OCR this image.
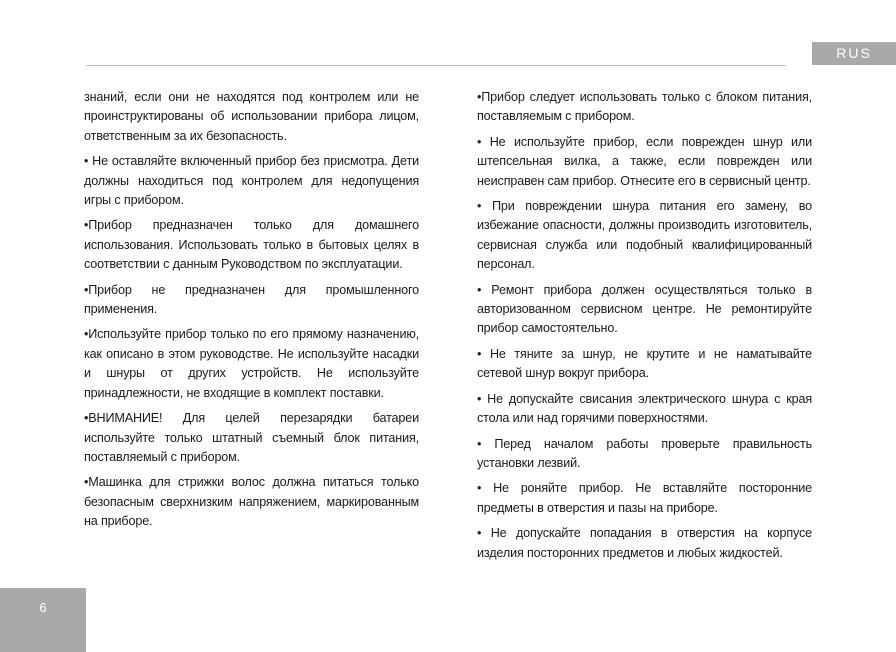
RUS

знаний, если они не находятся под контролем или не проинструктированы об использовании прибора лицом, ответственным за их безопасность.

• Не оставляйте включенный прибор без присмотра. Дети должны находиться под контролем для недопущения игры с прибором.

•Прибор предназначен только для домашнего использования. Использовать только в бытовых целях в соответствии с данным Руководством по эксплуатации.

•Прибор не предназначен для промышленного применения.

•Используйте прибор только по его прямому назначению, как описано в этом руководстве. Не используйте насадки и шнуры от других устройств. Не используйте принадлежности, не входящие в комплект поставки.

•ВНИМАНИЕ! Для целей перезарядки батареи используйте только штатный съемный блок питания, поставляемый с прибором.

•Машинка для стрижки волос должна питаться только безопасным сверхнизким напряжением, маркированным на приборе.

•Прибор следует использовать только с блоком питания, поставляемым с прибором.

• Не используйте прибор, если поврежден шнур или штепсельная вилка, а также, если поврежден или неисправен сам прибор. Отнесите его в сервисный центр.

• При повреждении шнура питания его замену, во избежание опасности, должны производить изготовитель, сервисная служба или подобный квалифицированный персонал.

• Ремонт прибора должен осуществляться только в авторизованном сервисном центре. Не ремонтируйте прибор самостоятельно.

• Не тяните за шнур, не крутите и не наматывайте сетевой шнур вокруг прибора.

• Не допускайте свисания электрического шнура с края стола или над горячими поверхностями.

• Перед началом работы проверьте правильность установки лезвий.

• Не роняйте прибор. Не вставляйте посторонние предметы в отверстия и пазы на приборе.

• Не допускайте попадания в отверстия на корпусе изделия посторонних предметов и любых жидкостей.

6
